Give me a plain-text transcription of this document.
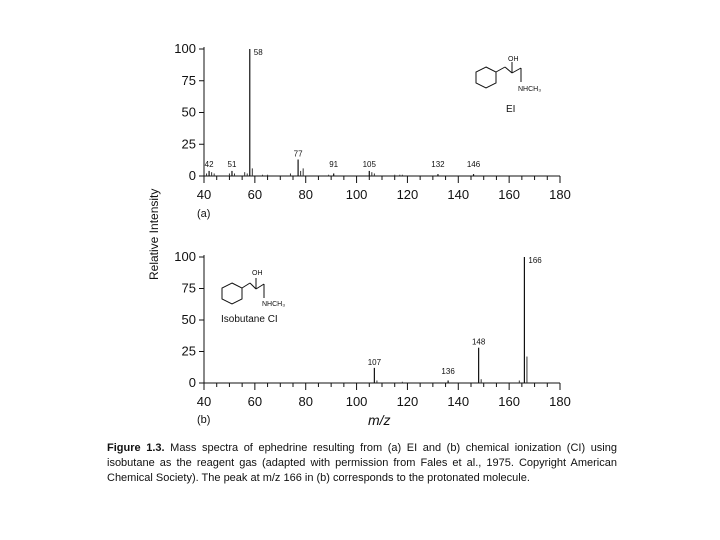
0
25
50
75
100
40	60	80	100 120 140 160 180
42 51
58
77
91	105	132	146
(a)
0
25
50
75
100
40	60	80	100 120 140 160 180
107
136
148
166
(b)
Relative Intensity
m/z
OH
NHCH₃
EI
OH
NHCH₃
Isobutane CI
Figure 1.3. Mass spectra of ephedrine resulting from (a) EI and (b) chemical ionization (CI) using isobutane as the reagent gas (adapted with permission from Fales et al., 1975. Copyright American Chemical Society). The peak at m/z 166 in (b) corresponds to the protonated molecule.
